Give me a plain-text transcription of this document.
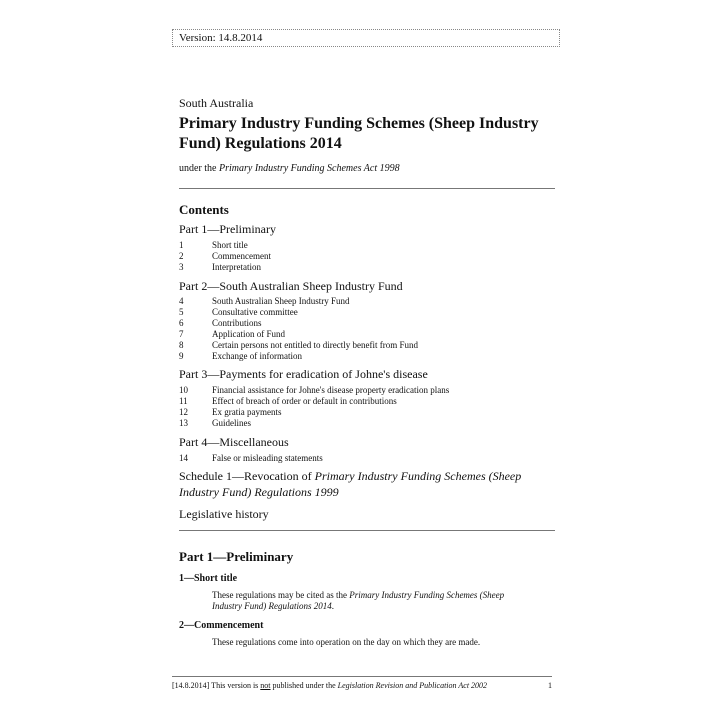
Version: 14.8.2014
South Australia
Primary Industry Funding Schemes (Sheep Industry
Fund) Regulations 2014
under the Primary Industry Funding Schemes Act 1998
Contents
Part 1—Preliminary
1	Short title
2	Commencement
3	Interpretation
Part 2—South Australian Sheep Industry Fund
4	South Australian Sheep Industry Fund
5	Consultative committee
6	Contributions
7	Application of Fund
8	Certain persons not entitled to directly benefit from Fund
9	Exchange of information
Part 3—Payments for eradication of Johne's disease
10	Financial assistance for Johne's disease property eradication plans
11	Effect of breach of order or default in contributions
12	Ex gratia payments
13	Guidelines
Part 4—Miscellaneous
14	False or misleading statements
Schedule 1—Revocation of Primary Industry Funding Schemes (Sheep
Industry Fund) Regulations 1999
Legislative history
Part 1—Preliminary
1—Short title
These regulations may be cited as the Primary Industry Funding Schemes (Sheep
Industry Fund) Regulations 2014.
2—Commencement
These regulations come into operation on the day on which they are made.
[14.8.2014] This version is not published under the Legislation Revision and Publication Act 2002	1
